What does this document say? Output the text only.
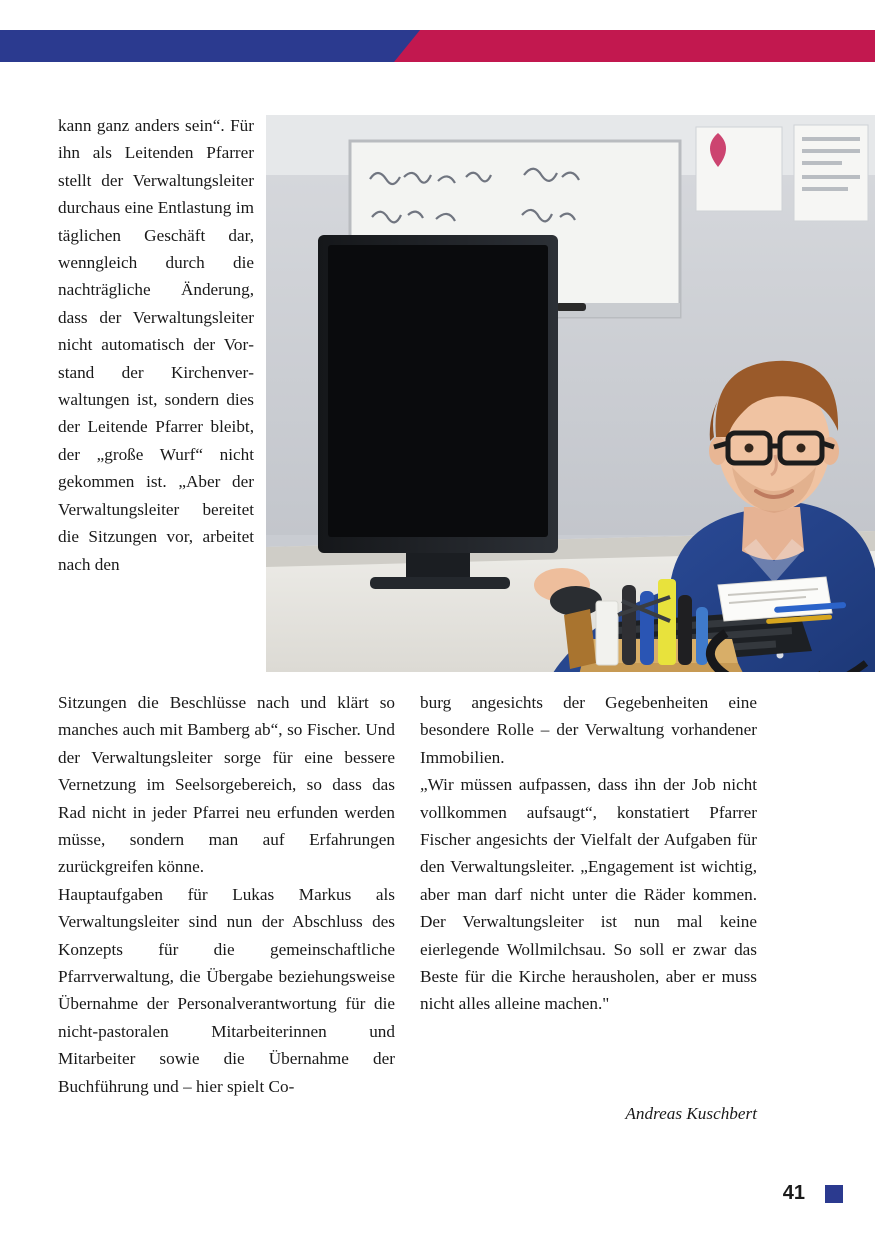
Personalien
kann ganz anders sein“. Für ihn als Leitenden Pfarrer stellt der Verwaltungsleiter durchaus eine Entlastung im täglichen Geschäft dar, wenngleich durch die nachträgliche Änderung, dass der Verwaltungsleiter nicht automatisch der Vorstand der Kirchenverwaltungen ist, sondern dies der Leitende Pfarrer bleibt, der „große Wurf“ nicht gekommen ist. „Aber der Verwaltungsleiter bereitet die Sitzungen vor, arbeitet nach den

Sitzungen die Beschlüsse nach und klärt so manches auch mit Bamberg ab“, so Fischer. Und der Verwaltungsleiter sorge für eine bessere Vernetzung im Seelsorgebereich, so dass das Rad nicht in jeder Pfarrei neu erfunden werden müsse, sondern man auf Erfahrungen zurückgreifen könne.

Hauptaufgaben für Lukas Markus als Verwaltungsleiter sind nun der Abschluss des Konzepts für die gemeinschaftliche Pfarrverwaltung, die Übergabe beziehungsweise Übernahme der Personalverantwortung für die nicht-pastoralen Mitarbeiterinnen und Mitarbeiter sowie die Übernahme der Buchführung und – hier spielt Co-

burg angesichts der Gegebenheiten eine besondere Rolle – der Verwaltung vorhandener Immobilien.

„Wir müssen aufpassen, dass ihn der Job nicht vollkommen aufsaugt“, konstatiert Pfarrer Fischer angesichts der Vielfalt der Aufgaben für den Verwaltungsleiter. „Engagement ist wichtig, aber man darf nicht unter die Räder kommen. Der Verwaltungsleiter ist nun mal keine eierlegende Wollmilchsau. So soll er zwar das Beste für die Kirche herausholen, aber er muss nicht alles alleine machen."

Andreas Kuschbert
41
